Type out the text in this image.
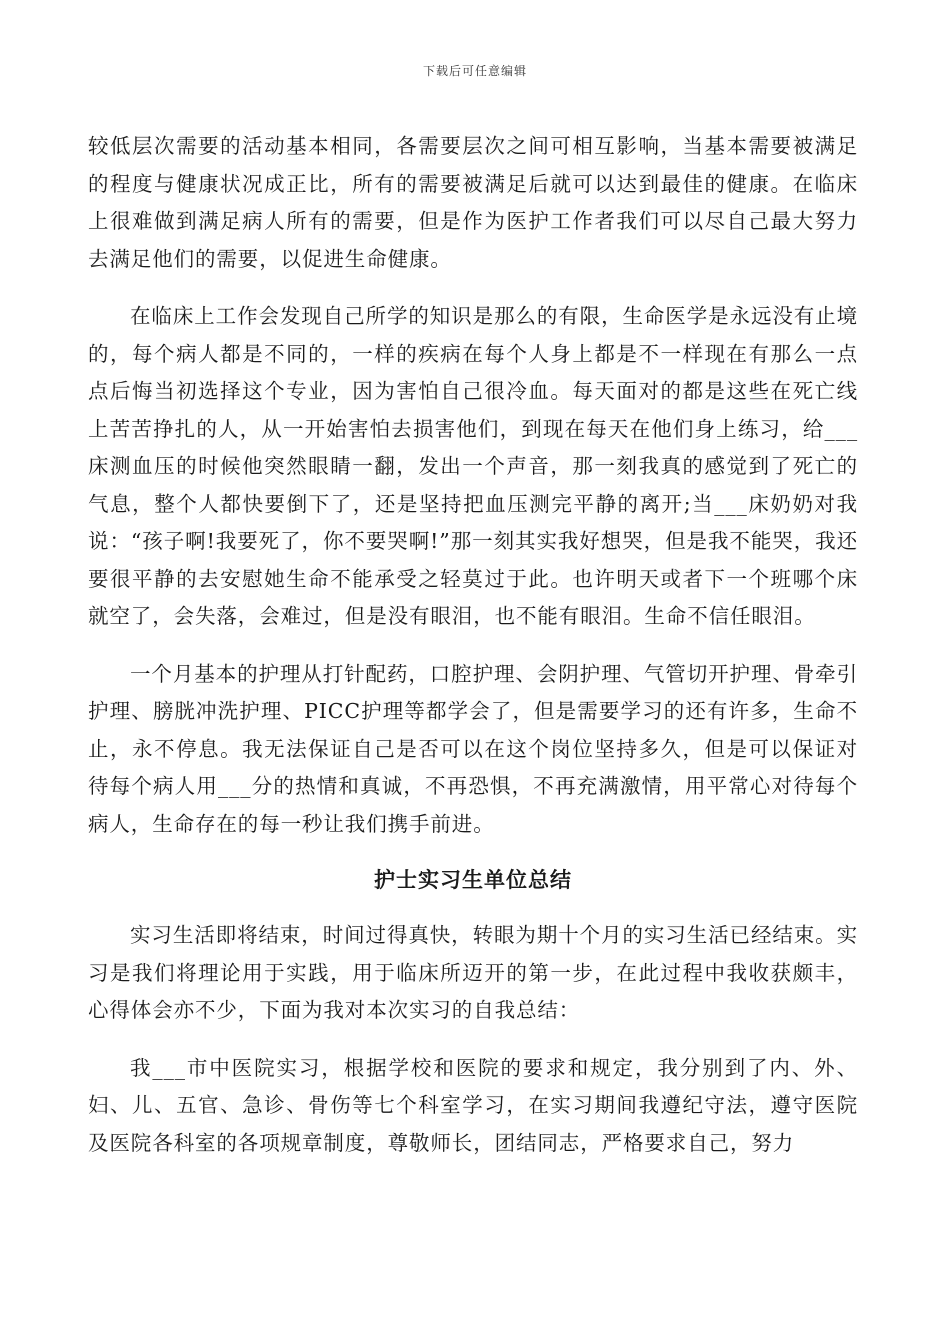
下载后可任意编辑

较低层次需要的活动基本相同，各需要层次之间可相互影响，当基本需要被满足的程度与健康状况成正比，所有的需要被满足后就可以达到最佳的健康。在临床上很难做到满足病人所有的需要，但是作为医护工作者我们可以尽自己最大努力去满足他们的需要，以促进生命健康。

在临床上工作会发现自己所学的知识是那么的有限，生命医学是永远没有止境的，每个病人都是不同的，一样的疾病在每个人身上都是不一样现在有那么一点点后悔当初选择这个专业，因为害怕自己很冷血。每天面对的都是这些在死亡线上苦苦挣扎的人，从一开始害怕去损害他们，到现在每天在他们身上练习，给___床测血压的时候他突然眼睛一翻，发出一个声音，那一刻我真的感觉到了死亡的气息，整个人都快要倒下了，还是坚持把血压测完平静的离开;当___床奶奶对我说：“孩子啊!我要死了，你不要哭啊!”那一刻其实我好想哭，但是我不能哭，我还要很平静的去安慰她生命不能承受之轻莫过于此。也许明天或者下一个班哪个床就空了，会失落，会难过，但是没有眼泪，也不能有眼泪。生命不信任眼泪。

一个月基本的护理从打针配药，口腔护理、会阴护理、气管切开护理、骨牵引护理、膀胱冲洗护理、PICC护理等都学会了，但是需要学习的还有许多，生命不止，永不停息。我无法保证自己是否可以在这个岗位坚持多久，但是可以保证对待每个病人用___分的热情和真诚，不再恐惧，不再充满激情，用平常心对待每个病人，生命存在的每一秒让我们携手前进。

护士实习生单位总结

实习生活即将结束，时间过得真快，转眼为期十个月的实习生活已经结束。实习是我们将理论用于实践，用于临床所迈开的第一步，在此过程中我收获颇丰，心得体会亦不少，下面为我对本次实习的自我总结：

我___市中医院实习，根据学校和医院的要求和规定，我分别到了内、外、妇、儿、五官、急诊、骨伤等七个科室学习，在实习期间我遵纪守法，遵守医院及医院各科室的各项规章制度，尊敬师长，团结同志，严格要求自己，努力
